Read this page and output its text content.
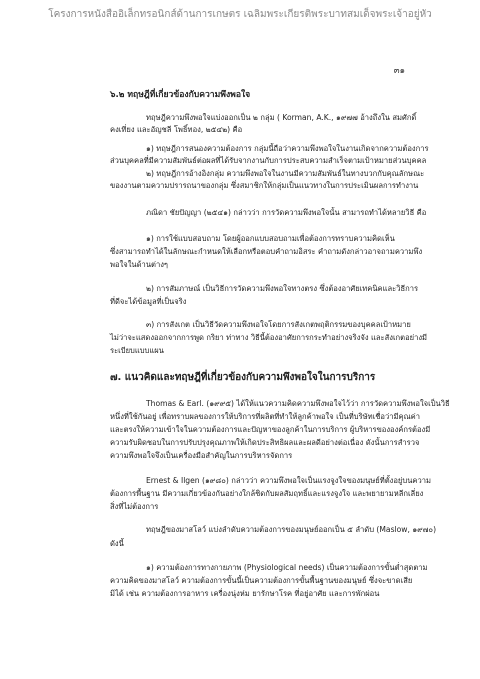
โครงการหนังสืออิเล็กทรอนิกส์ด้านการเกษตร เฉลิมพระเกียรติพระบาทสมเด็จพระเจ้าอยู่หัว
๓๑
๖.๒ ทฤษฎีที่เกี่ยวข้องกับความพึงพอใจ
ทฤษฎีความพึงพอใจแบ่งออกเป็น ๒ กลุ่ม ( Korman, A.K., ๑๙๗๗ อ้างถึงใน สมศักดิ์
คงเที่ยง และอัญชลี โพธิ์ทอง, ๒๕๔๒) คือ
๑) ทฤษฎีการสนองความต้องการ กลุ่มนี้ถือว่าความพึงพอใจในงานเกิดจากความต้องการ
ส่วนบุคคลที่มีความสัมพันธ์ต่อผลที่ได้รับจากงานกับการประสบความสำเร็จตามเป้าหมายส่วนบุคคล
๒) ทฤษฎีการอ้างอิงกลุ่ม ความพึงพอใจในงานมีความสัมพันธ์ในทางบวกกับคุณลักษณะ
ของงานตามความปรารถนาของกลุ่ม ซึ่งสมาชิกให้กลุ่มเป็นแนวทางในการประเมินผลการทำงาน
ภณิดา ชัยปัญญา (๒๕๔๑) กล่าวว่า การวัดความพึงพอใจนั้น สามารถทำได้หลายวิธี คือ
๑) การใช้แบบสอบถาม โดยผู้ออกแบบสอบถามเพื่อต้องการทราบความคิดเห็น
ซึ่งสามารถทำได้ในลักษณะกำหนดให้เลือกหรือตอบคำถามอิสระ คำถามดังกล่าวอาจถามความพึง
พอใจในด้านต่างๆ
๒) การสัมภาษณ์ เป็นวิธีการวัดความพึงพอใจทางตรง ซึ่งต้องอาศัยเทคนิคและวิธีการ
ที่ดีจะได้ข้อมูลที่เป็นจริง
๓) การสังเกต เป็นวิธีวัดความพึงพอใจโดยการสังเกตพฤติกรรมของบุคคลเป้าหมาย
ไม่ว่าจะแสดงออกจากการพูด กริยา ท่าทาง วิธีนี้ต้องอาศัยการกระทำอย่างจริงจัง และสังเกตอย่างมี
ระเบียบแบบแผน
๗. แนวคิดและทฤษฎีที่เกี่ยวข้องกับความพึงพอใจในการบริการ
Thomas & Earl. (๑๙๙๕) ได้ให้แนวความคิดความพึงพอใจไว้ว่า การวัดความพึงพอใจเป็นวิธี
หนึ่งที่ใช้กันอยู่ เพื่อทราบผลของการให้บริการที่ผลิตที่ทำให้ลูกค้าพอใจ เป็นที่บริษัทเชื่อว่ามีคุณค่า
และตรงให้ความเข้าใจในความต้องการและปัญหาของลูกค้าในการบริการ ผู้บริหารขององค์กรต้องมี
ความรับผิดชอบในการปรับปรุงคุณภาพให้เกิดประสิทธิผลและผลดีอย่างต่อเนื่อง ดังนั้นการสำรวจ
ความพึงพอใจจึงเป็นเครื่องมือสำคัญในการบริหารจัดการ
Ernest & Ilgen (๑๙๘๐) กล่าวว่า ความพึงพอใจเป็นแรงจูงใจของมนุษย์ที่ตั้งอยู่บนความ
ต้องการพื้นฐาน มีความเกี่ยวข้องกันอย่างใกล้ชิดกับผลสัมฤทธิ์และแรงจูงใจ และพยายามหลีกเลี่ยง
สิ่งที่ไม่ต้องการ
ทฤษฎีของมาสโลว์ แบ่งลำดับความต้องการของมนุษย์ออกเป็น ๕ ลำดับ (Maslow, ๑๙๗๐)
ดังนี้
๑) ความต้องการทางกายภาพ (Physiological needs) เป็นความต้องการขั้นต่ำสุดตาม
ความคิดของมาสโลว์ ความต้องการขั้นนี้เป็นความต้องการขั้นพื้นฐานของมนุษย์ ซึ่งจะขาดเสีย
มิได้ เช่น ความต้องการอาหาร เครื่องนุ่งห่ม ยารักษาโรค ที่อยู่อาศัย และการพักผ่อน
